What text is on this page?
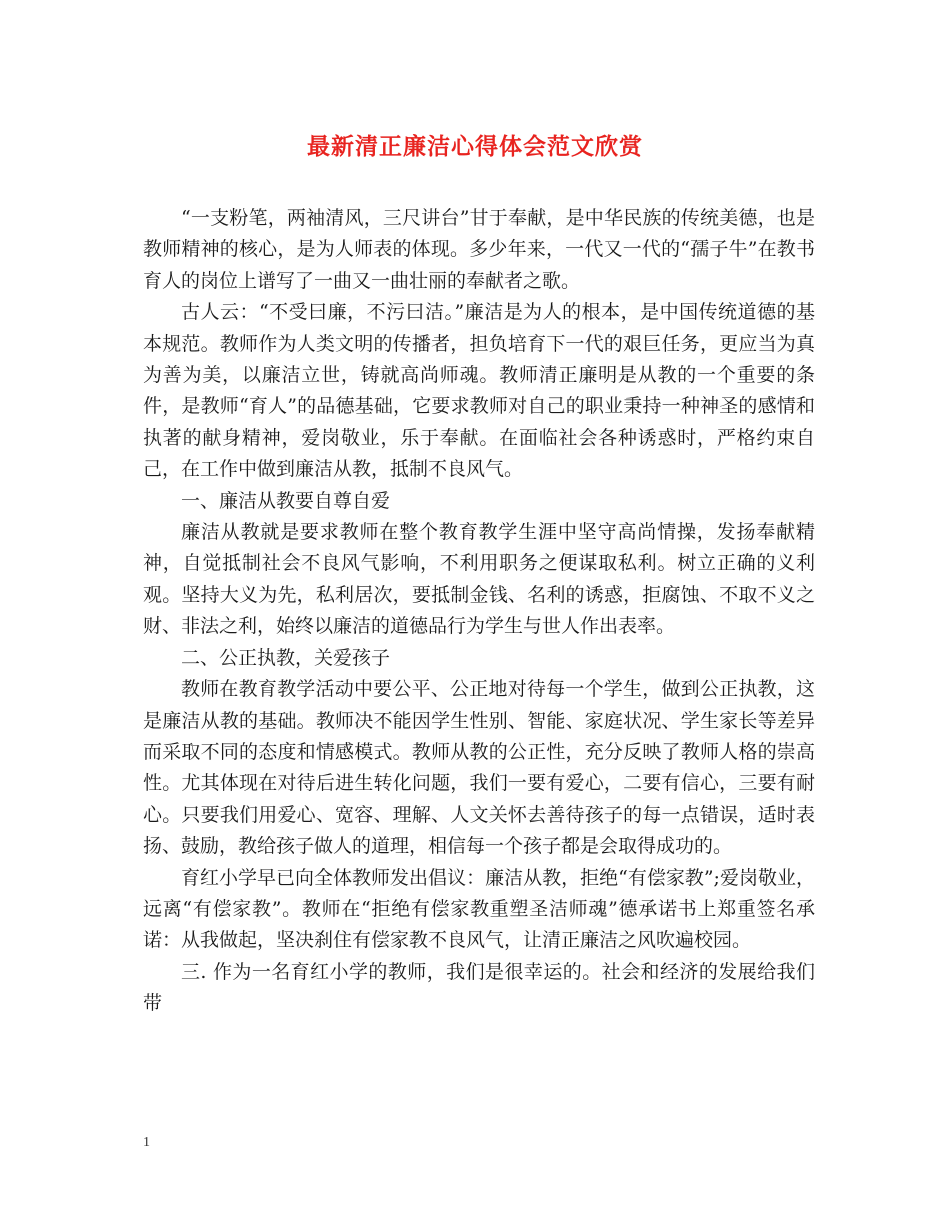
最新清正廉洁心得体会范文欣赏

“一支粉笔，两袖清风，三尺讲台”甘于奉献，是中华民族的传统美德，也是教师精神的核心，是为人师表的体现。多少年来，一代又一代的“孺子牛”在教书育人的岗位上谱写了一曲又一曲壮丽的奉献者之歌。

古人云：“不受曰廉，不污曰洁。”廉洁是为人的根本，是中国传统道德的基本规范。教师作为人类文明的传播者，担负培育下一代的艰巨任务，更应当为真为善为美，以廉洁立世，铸就高尚师魂。教师清正廉明是从教的一个重要的条件，是教师“育人”的品德基础，它要求教师对自己的职业秉持一种神圣的感情和执著的献身精神，爱岗敬业，乐于奉献。在面临社会各种诱惑时，严格约束自己，在工作中做到廉洁从教，抵制不良风气。

一、廉洁从教要自尊自爱

廉洁从教就是要求教师在整个教育教学生涯中坚守高尚情操，发扬奉献精神，自觉抵制社会不良风气影响，不利用职务之便谋取私利。树立正确的义利观。坚持大义为先，私利居次，要抵制金钱、名利的诱惑，拒腐蚀、不取不义之财、非法之利，始终以廉洁的道德品行为学生与世人作出表率。

二、公正执教，关爱孩子

教师在教育教学活动中要公平、公正地对待每一个学生，做到公正执教，这是廉洁从教的基础。教师决不能因学生性别、智能、家庭状况、学生家长等差异而采取不同的态度和情感模式。教师从教的公正性，充分反映了教师人格的崇高性。尤其体现在对待后进生转化问题，我们一要有爱心，二要有信心，三要有耐心。只要我们用爱心、宽容、理解、人文关怀去善待孩子的每一点错误，适时表扬、鼓励，教给孩子做人的道理，相信每一个孩子都是会取得成功的。

育红小学早已向全体教师发出倡议：廉洁从教，拒绝“有偿家教”;爱岗敬业，远离“有偿家教”。教师在“拒绝有偿家教重塑圣洁师魂”德承诺书上郑重签名承诺：从我做起，坚决刹住有偿家教不良风气，让清正廉洁之风吹遍校园。

三. 作为一名育红小学的教师，我们是很幸运的。社会和经济的发展给我们带

1
